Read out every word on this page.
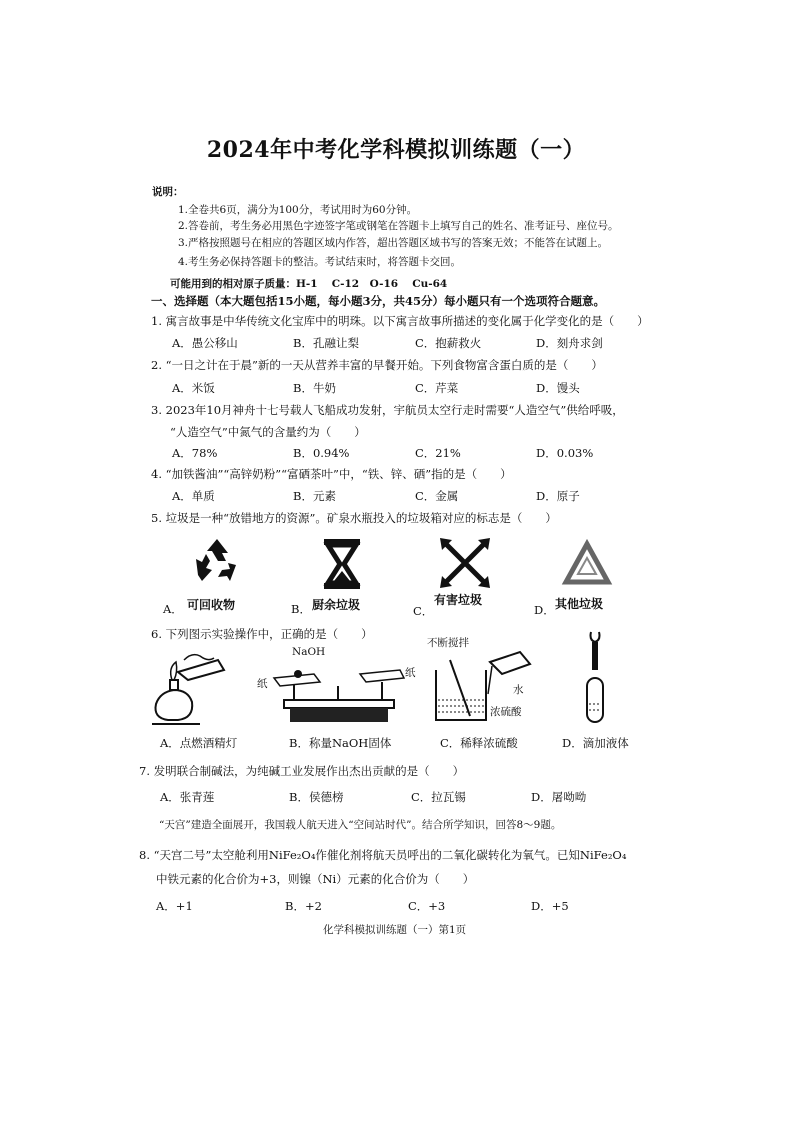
2024年中考化学科模拟训练题（一）
说明：
1.全卷共6页，满分为100分，考试用时为60分钟。
2.答卷前，考生务必用黑色字迹签字笔或钢笔在答题卡上填写自己的姓名、准考证号、座位号。
3.严格按照题号在相应的答题区域内作答，超出答题区域书写的答案无效；不能答在试题上。
4.考生务必保持答题卡的整洁。考试结束时，将答题卡交回。
可能用到的相对原子质量：H-1　 C-12　O-16　 Cu-64
一、选择题（本大题包括15小题，每小题3分，共45分）每小题只有一个选项符合题意。
1. 寓言故事是中华传统文化宝库中的明珠。以下寓言故事所描述的变化属于化学变化的是（　　）
A．愚公移山	B．孔融让梨	C．抱薪救火	D．刻舟求剑
2. “一日之计在于晨”新的一天从营养丰富的早餐开始。下列食物富含蛋白质的是（　　）
A．米饭	B．牛奶	C．芹菜	D．馒头
3. 2023年10月神舟十七号载人飞船成功发射，宇航员太空行走时需要“人造空气”供给呼吸，
“人造空气”中氮气的含量约为（　　）
A．78%	B．0.94%	C．21%	D．0.03%
4. “加铁酱油”“高锌奶粉”“富硒茶叶”中，“铁、锌、硒”指的是（　　）
A．单质	B．元素	C．金属	D．原子
5. 垃圾是一种“放错地方的资源”。矿泉水瓶投入的垃圾箱对应的标志是（　　）
A． 可回收物	B． 厨余垃圾	C．
有害垃圾
D． 其他垃圾
6. 下列图示实验操作中，正确的是（　　）
A．点燃酒精灯
NaOH
纸
纸
B．称量NaOH固体
不断搅拌
水
浓硫酸
C．稀释浓硫酸	D．滴加液体
7. 发明联合制碱法，为纯碱工业发展作出杰出贡献的是（　　）
A．张青莲	B．侯德榜	C．拉瓦锡	D．屠呦呦
“天宫”建造全面展开，我国载人航天进入“空间站时代”。结合所学知识，回答8～9题。
8. “天宫二号”太空舱利用NiFe₂O₄作催化剂将航天员呼出的二氧化碳转化为氧气。已知NiFe₂O₄
中铁元素的化合价为+3，则镍（Ni）元素的化合价为（　　）
A．+1	B．+2	C．+3	D．+5
化学科模拟训练题（一）第1页
